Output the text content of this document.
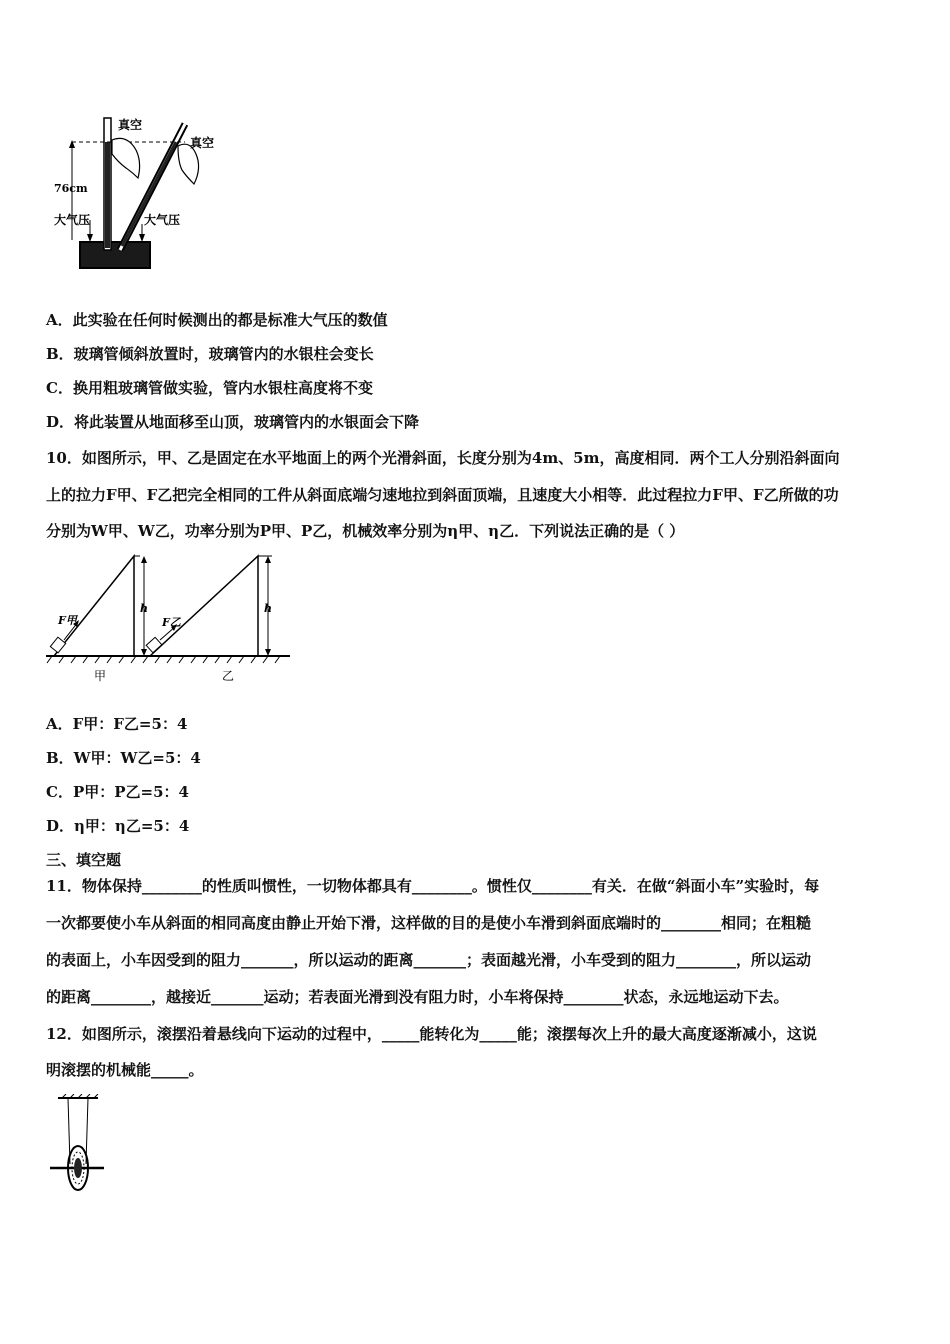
真空
真空
76cm
大气压	大气压
A．此实验在任何时候测出的都是标准大气压的数值
B．玻璃管倾斜放置时，玻璃管内的水银柱会变长
C．换用粗玻璃管做实验，管内水银柱高度将不变
D．将此装置从地面移至山顶，玻璃管内的水银面会下降
10．如图所示，甲、乙是固定在水平地面上的两个光滑斜面，长度分别为4m、5m，高度相同．两个工人分别沿斜面向
上的拉力F甲、F乙把完全相同的工件从斜面底端匀速地拉到斜面顶端，且速度大小相等．此过程拉力F甲、F乙所做的功
分别为W甲、W乙，功率分别为P甲、P乙，机械效率分别为η甲、η乙．下列说法正确的是（ ）
F甲	F乙
h	h
甲	乙
A．F甲：F乙=5：4
B．W甲：W乙=5：4
C．P甲：P乙=5：4
D．η甲：η乙=5：4
三、填空题
11．物体保持________的性质叫惯性，一切物体都具有________。惯性仅________有关．在做“斜面小车”实验时，每
一次都要使小车从斜面的相同高度由静止开始下滑，这样做的目的是使小车滑到斜面底端时的________相同；在粗糙
的表面上，小车因受到的阻力_______，所以运动的距离_______；表面越光滑，小车受到的阻力________，所以运动
的距离________，越接近_______运动；若表面光滑到没有阻力时，小车将保持________状态，永远地运动下去。
12．如图所示，滚摆沿着悬线向下运动的过程中，_____能转化为_____能；滚摆每次上升的最大高度逐渐减小，这说
明滚摆的机械能_____。
